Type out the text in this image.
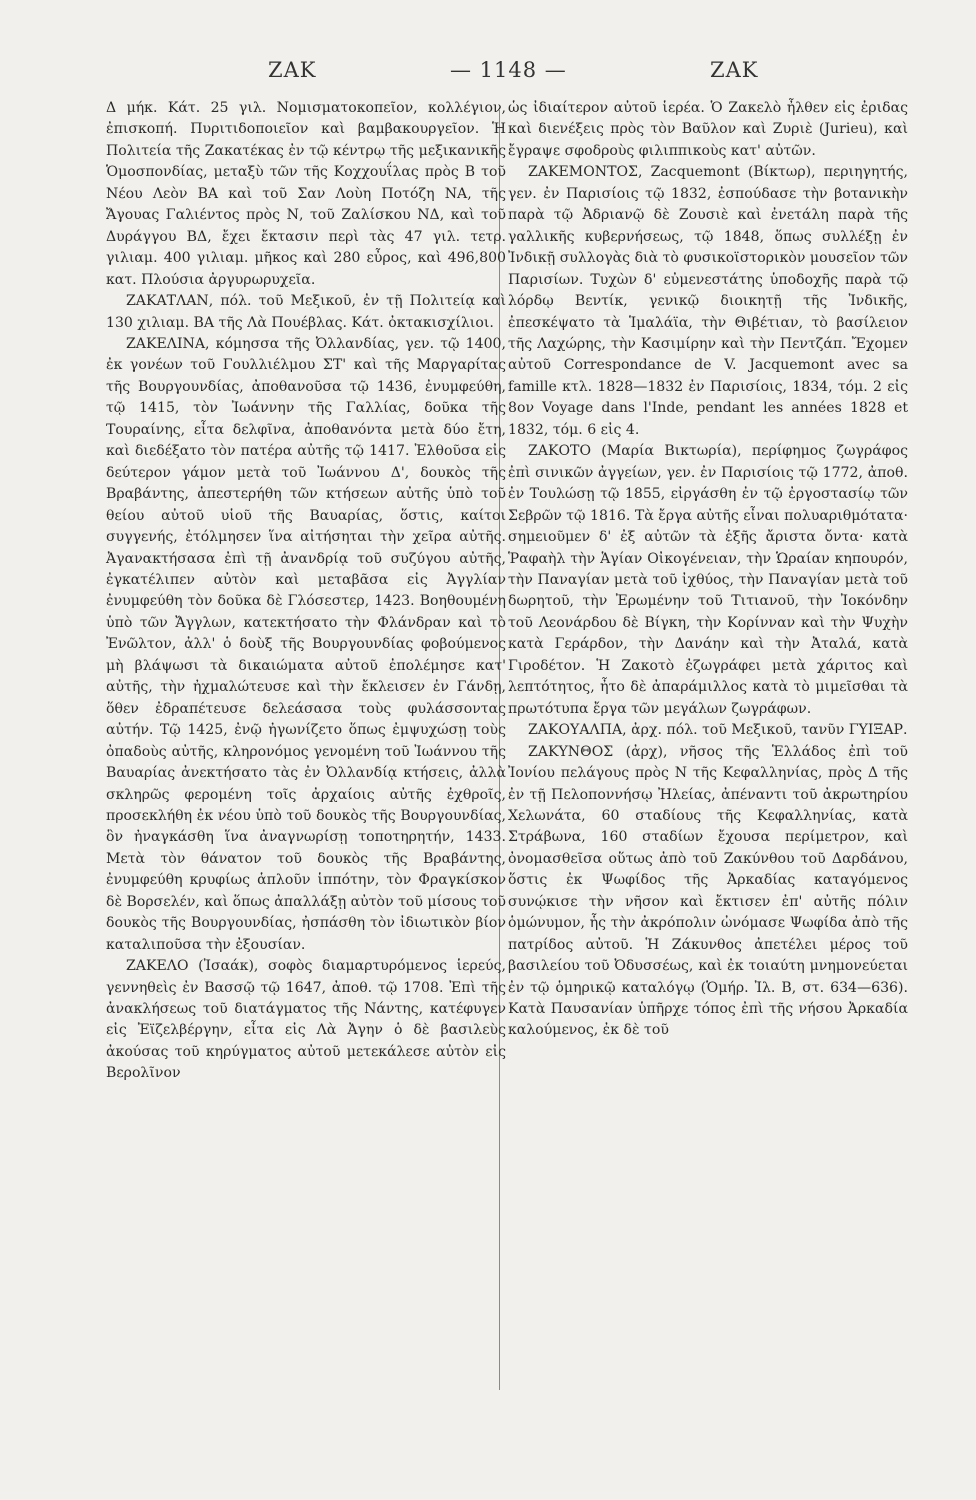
ZAK	— 1148 —	ZAK

Δ μήκ. Κάτ. 25 γιλ. Νομισματοκοπεῖον, κολλέγιον, ἐπισκοπή. Πυριτιδοποιεῖον καὶ βαμβακουργεῖον. Ἡ Πολιτεία τῆς Ζακατέκας ἐν τῷ κέντρῳ τῆς μεξικανικῆς Ὁμοσπονδίας, μεταξὺ τῶν τῆς Κοχχουΐλας πρὸς Β τοῦ Νέου Λεὸν ΒΑ καὶ τοῦ Σαν Λοὺη Ποτόζη ΝΑ, τῆς Ἄγουας Γαλιέντος πρὸς Ν, τοῦ Ζαλίσκου ΝΔ, καὶ τοῦ Δυράγγου ΒΔ, ἔχει ἔκτασιν περὶ τὰς 47 γιλ. τετρ. γιλιαμ. 400 γιλιαμ. μῆκος καὶ 280 εὖρος, καὶ 496,800 κατ. Πλούσια ἀργυρωρυχεῖα.

ΖΑΚΑΤΛΑΝ, πόλ. τοῦ Μεξικοῦ, ἐν τῇ Πολιτείᾳ καὶ 130 χιλιαμ. ΒΑ τῆς Λὰ Πουέβλας. Κάτ. ὀκτακισχίλιοι.

ΖΑΚΕΛΙΝΑ, κόμησσα τῆς Ὀλλανδίας, γεν. τῷ 1400, ἐκ γονέων τοῦ Γουλλιέλμου ΣΤ' καὶ τῆς Μαργαρίτας τῆς Βουργουνδίας, ἀποθανοῦσα τῷ 1436, ἐνυμφεύθη, τῷ 1415, τὸν Ἰωάννην τῆς Γαλλίας, δοῦκα τῆς Τουραίνης, εἶτα δελφῖνα, ἀποθανόντα μετὰ δύο ἔτη, καὶ διεδέξατο τὸν πατέρα αὐτῆς τῷ 1417. Ἐλθοῦσα εἰς δεύτερον γάμον μετὰ τοῦ Ἰωάννου Δ', δουκὸς τῆς Βραβάντης, ἀπεστερήθη τῶν κτήσεων αὐτῆς ὑπὸ τοῦ θείου αὐτοῦ υἱοῦ τῆς Βαυαρίας, ὅστις, καίτοι συγγενής, ἐτόλμησεν ἵνα αἰτήσηται τὴν χεῖρα αὐτῆς. Ἀγανακτήσασα ἐπὶ τῇ ἀνανδρίᾳ τοῦ συζύγου αὐτῆς, ἐγκατέλιπεν αὐτὸν καὶ μεταβᾶσα εἰς Ἀγγλίαν ἐνυμφεύθη τὸν δοῦκα δὲ Γλόσεστερ, 1423. Βοηθουμένη ὑπὸ τῶν Ἄγγλων, κατεκτήσατο τὴν Φλάνδραν καὶ τὸ Ἐνῶλτον, ἀλλ' ὁ δοὺξ τῆς Βουργουνδίας φοβούμενος μὴ βλάψωσι τὰ δικαιώματα αὐτοῦ ἐπολέμησε κατ' αὐτῆς, τὴν ἠχμαλώτευσε καὶ τὴν ἔκλεισεν ἐν Γάνδῃ, ὅθεν ἐδραπέτευσε δελεάσασα τοὺς φυλάσσοντας αὐτήν. Τῷ 1425, ἐνῷ ἠγωνίζετο ὅπως ἐμψυχώσῃ τοὺς ὀπαδοὺς αὐτῆς, κληρονόμος γενομένη τοῦ Ἰωάννου τῆς Βαυαρίας ἀνεκτήσατο τὰς ἐν Ὀλλανδίᾳ κτήσεις, ἀλλὰ σκληρῶς φερομένη τοῖς ἀρχαίοις αὐτῆς ἐχθροῖς, προσεκλήθη ἐκ νέου ὑπὸ τοῦ δουκὸς τῆς Βουργουνδίας, ὃν ἠναγκάσθη ἵνα ἀναγνωρίσῃ τοποτηρητήν, 1433. Μετὰ τὸν θάνατον τοῦ δουκὸς τῆς Βραβάντης, ἐνυμφεύθη κρυφίως ἁπλοῦν ἱππότην, τὸν Φραγκίσκον δὲ Βορσελέν, καὶ ὅπως ἀπαλλάξῃ αὐτὸν τοῦ μίσους τοῦ δουκὸς τῆς Βουργουνδίας, ἠσπάσθη τὸν ἰδιωτικὸν βίον καταλιποῦσα τὴν ἐξουσίαν.

ΖΑΚΕΛΟ (Ἰσαάκ), σοφὸς διαμαρτυρόμενος ἱερεύς, γεννηθεὶς ἐν Βασσῷ τῷ 1647, ἀποθ. τῷ 1708. Ἐπὶ τῆς ἀνακλήσεως τοῦ διατάγματος τῆς Νάντης, κατέφυγεν εἰς Ἐϊζελβέργην, εἶτα εἰς Λὰ Ἀγην ὁ δὲ βασιλεὺς ἀκούσας τοῦ κηρύγματος αὐτοῦ μετεκάλεσε αὐτὸν εἰς Βερολῖνον

ὡς ἰδιαίτερον αὐτοῦ ἱερέα. Ὁ Ζακελὸ ἦλθεν εἰς ἐριδας καὶ διενέξεις πρὸς τὸν Βαῦλον καὶ Ζυριὲ (Jurieu), καὶ ἔγραψε σφοδροὺς φιλιππικοὺς κατ' αὐτῶν.

ΖΑΚΕΜΟΝΤΟΣ, Zacquemont (Βίκτωρ), περιηγητής, γεν. ἐν Παρισίοις τῷ 1832, ἐσπούδασε τὴν βοτανικὴν παρὰ τῷ Ἀδριανῷ δὲ Ζουσιὲ καὶ ἐνετάλη παρὰ τῆς γαλλικῆς κυβερνήσεως, τῷ 1848, ὅπως συλλέξῃ ἐν Ἰνδικῇ συλλογὰς διὰ τὸ φυσικοϊστορικὸν μουσεῖον τῶν Παρισίων. Τυχὼν δ' εὐμενεστάτης ὑποδοχῆς παρὰ τῷ λόρδῳ Βεντίκ, γενικῷ διοικητῇ τῆς Ἰνδικῆς, ἐπεσκέψατο τὰ Ἱμαλάϊα, τὴν Θιβέτιαν, τὸ βασίλειον τῆς Λαχώρης, τὴν Κασιμίρην καὶ τὴν Πεντζάπ. Ἔχομεν αὐτοῦ Correspondance de V. Jacquemont avec sa famille κτλ. 1828—1832 ἐν Παρισίοις, 1834, τόμ. 2 εἰς 8ον Voyage dans l'Inde, pendant les années 1828 et 1832, τόμ. 6 εἰς 4.

ΖΑΚΟΤΟ (Μαρία Βικτωρία), περίφημος ζωγράφος ἐπὶ σινικῶν ἀγγείων, γεν. ἐν Παρισίοις τῷ 1772, ἀποθ. ἐν Τουλώσῃ τῷ 1855, εἰργάσθη ἐν τῷ ἐργοστασίῳ τῶν Σεβρῶν τῷ 1816. Τὰ ἔργα αὐτῆς εἶναι πολυαριθμότατα· σημειοῦμεν δ' ἐξ αὐτῶν τὰ ἑξῆς ἄριστα ὄντα· κατὰ Ῥαφαὴλ τὴν Ἁγίαν Οἰκογένειαν, τὴν Ὡραίαν κηπουρόν, τὴν Παναγίαν μετὰ τοῦ ἰχθύος, τὴν Παναγίαν μετὰ τοῦ δωρητοῦ, τὴν Ἐρωμένην τοῦ Τιτιανοῦ, τὴν Ἰοκόνδην τοῦ Λεονάρδου δὲ Βίγκη, τὴν Κορίνναν καὶ τὴν Ψυχὴν κατὰ Γεράρδον, τὴν Δανάην καὶ τὴν Ἀταλά, κατὰ Γιροδέτον. Ἡ Ζακοτὸ ἐζωγράφει μετὰ χάριτος καὶ λεπτότητος, ἦτο δὲ ἀπαράμιλλος κατὰ τὸ μιμεῖσθαι τὰ πρωτότυπα ἔργα τῶν μεγάλων ζωγράφων.

ΖΑΚΟΥΑΛΠΑ, ἀρχ. πόλ. τοῦ Μεξικοῦ, τανῦν ΓΥΙΞΑΡ.

ΖΑΚΥΝΘΟΣ (ἀρχ), νῆσος τῆς Ἑλλάδος ἐπὶ τοῦ Ἰονίου πελάγους πρὸς Ν τῆς Κεφαλληνίας, πρὸς Δ τῆς ἐν τῇ Πελοποννήσῳ Ἠλείας, ἀπέναντι τοῦ ἀκρωτηρίου Χελωνάτα, 60 σταδίους τῆς Κεφαλληνίας, κατὰ Στράβωνα, 160 σταδίων ἔχουσα περίμετρον, καὶ ὀνομασθεῖσα οὕτως ἀπὸ τοῦ Ζακύνθου τοῦ Δαρδάνου, ὅστις ἐκ Ψωφίδος τῆς Ἀρκαδίας καταγόμενος συνῴκισε τὴν νῆσον καὶ ἔκτισεν ἐπ' αὐτῆς πόλιν ὁμώνυμον, ἧς τὴν ἀκρόπολιν ὠνόμασε Ψωφίδα ἀπὸ τῆς πατρίδος αὐτοῦ. Ἡ Ζάκυνθος ἀπετέλει μέρος τοῦ βασιλείου τοῦ Ὀδυσσέως, καὶ ἐκ τοιαύτη μνημονεύεται ἐν τῷ ὁμηρικῷ καταλόγῳ (Ὁμήρ. Ἰλ. Β, στ. 634—636). Κατὰ Παυσανίαν ὑπῆρχε τόπος ἐπὶ τῆς νήσου Ἀρκαδία καλούμενος, ἐκ δὲ τοῦ
